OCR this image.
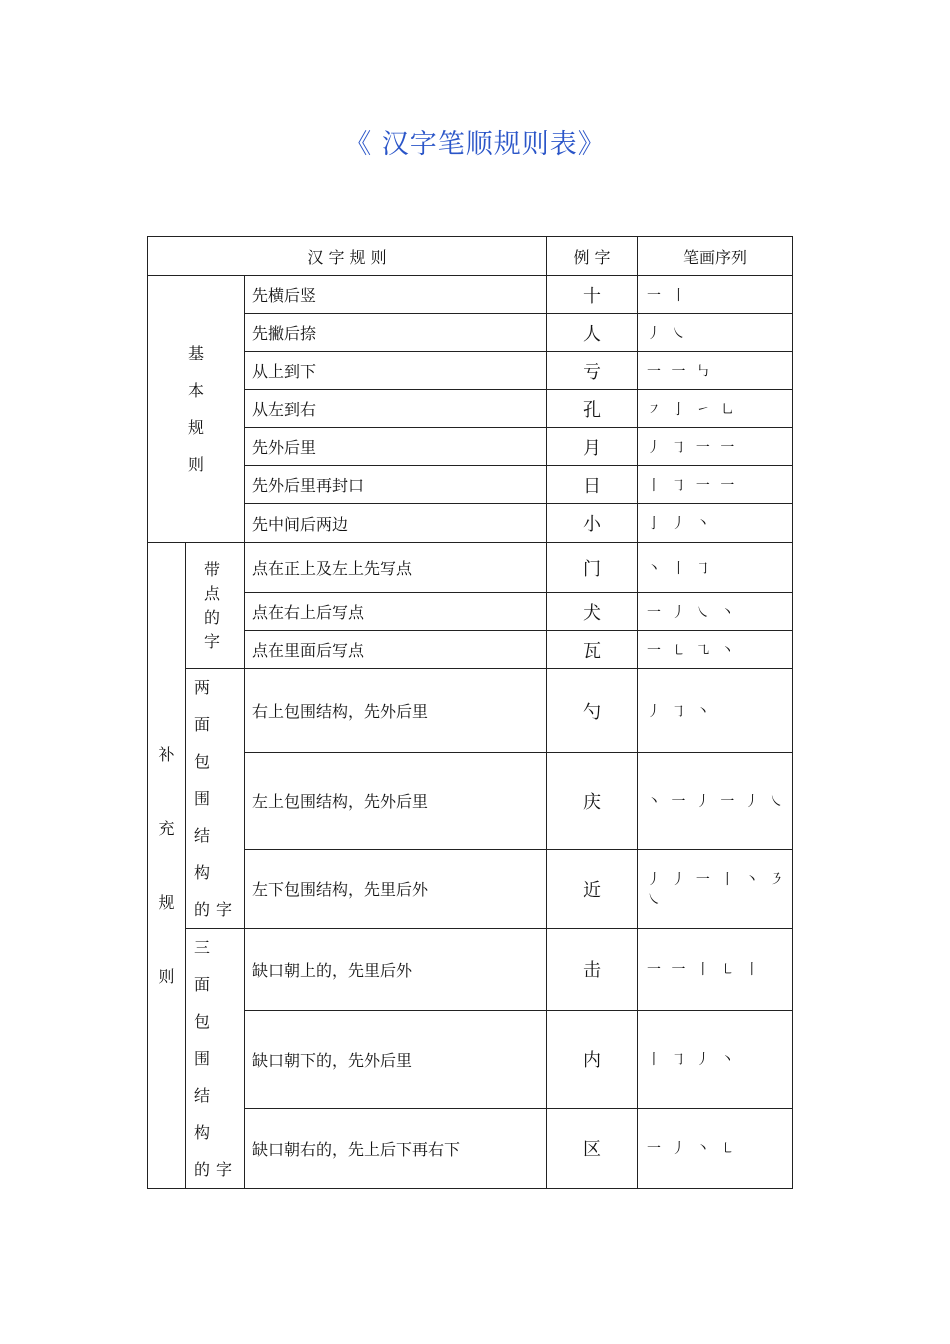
《 汉字笔顺规则表》
汉 字 规 则			例 字	笔画序列

基
本
规
则		先横后竖	十	一 丨
		先撇后捺	人	丿 ㇏
		从上到下	亏	一 一 ㇉
		从左到右	孔	㇇ 亅 ㇀ ㇟
		先外后里	月	丿 ㇆ 一 一
		先外后里再封口	日	丨 ㇆ 一 一
		先中间后两边	小	亅 丿 丶

补
充
规
则	带点
的字	点在正上及左上先写点	门	丶 丨 ㇆
		点在右上后写点	犬	一 丿 ㇏ 丶
		点在里面后写点	瓦	一 ㇄ ㇈ 丶

	两 面
包 围
结 构
的字	右上包围结构，先外后里	勺	丿 ㇆ 丶
		左上包围结构，先外后里	庆	丶 一 丿 一 丿 ㇏
		左下包围结构，先里后外	近	丿 丿 一 丨 丶 ㇋ ㇏

	三 面
包 围
结 构
的字	缺口朝上的，先里后外	击	一 一 丨 ㇄ 丨
		缺口朝下的，先外后里	内	丨 ㇆ 丿 丶
		缺口朝右的，先上后下再右下	区	一 丿 丶 ㇄
